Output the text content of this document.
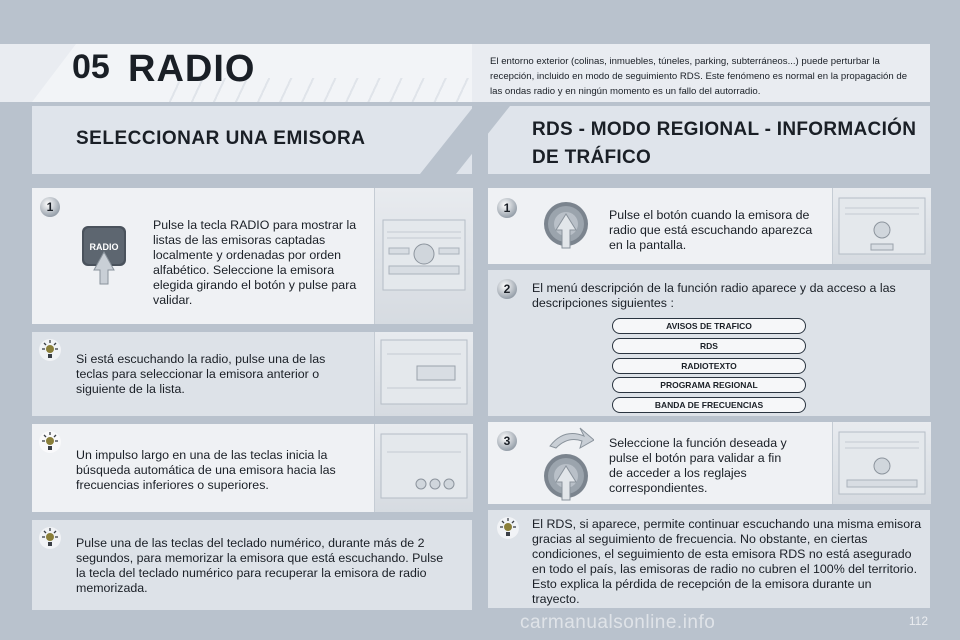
05 RADIO	El entorno exterior (colinas, inmuebles, túneles, parking, subterráneos...) puede perturbar la recepción, incluido en modo de seguimiento RDS. Este fenómeno es normal en la propagación de las ondas radio y en ningún momento es un fallo del autorradio.
SELECCIONAR UNA EMISORA	RDS - MODO REGIONAL - INFORMACIÓN DE TRÁFICO
1
RADIO
Pulse la tecla RADIO para mostrar la listas de las emisoras captadas localmente y ordenadas por orden alfabético. Seleccione la emisora elegida girando el botón y pulse para validar.
Si está escuchando la radio, pulse una de las teclas para seleccionar la emisora anterior o siguiente de la lista.
Un impulso largo en una de las teclas inicia la búsqueda automática de una emisora hacia las frecuencias inferiores o superiores.
Pulse una de las teclas del teclado numérico, durante más de 2 segundos, para memorizar la emisora que está escuchando. Pulse la tecla del teclado numérico para recuperar la emisora de radio memorizada.
1	Pulse el botón cuando la emisora de radio que está escuchando aparezca en la pantalla.
2	El menú descripción de la función radio aparece y da acceso a las descripciones siguientes :
AVISOS DE TRAFICO
RDS
RADIOTEXTO
PROGRAMA REGIONAL
BANDA DE FRECUENCIAS
3	Seleccione la función deseada y pulse el botón para validar a fin de acceder a los reglajes correspondientes.
El RDS, si aparece, permite continuar escuchando una misma emisora gracias al seguimiento de frecuencia. No obstante, en ciertas condiciones, el seguimiento de esta emisora RDS no está asegurado en todo el país, las emisoras de radio no cubren el 100% del territorio. Esto explica la pérdida de recepción de la emisora durante un trayecto.
carmanualsonline.info	112
